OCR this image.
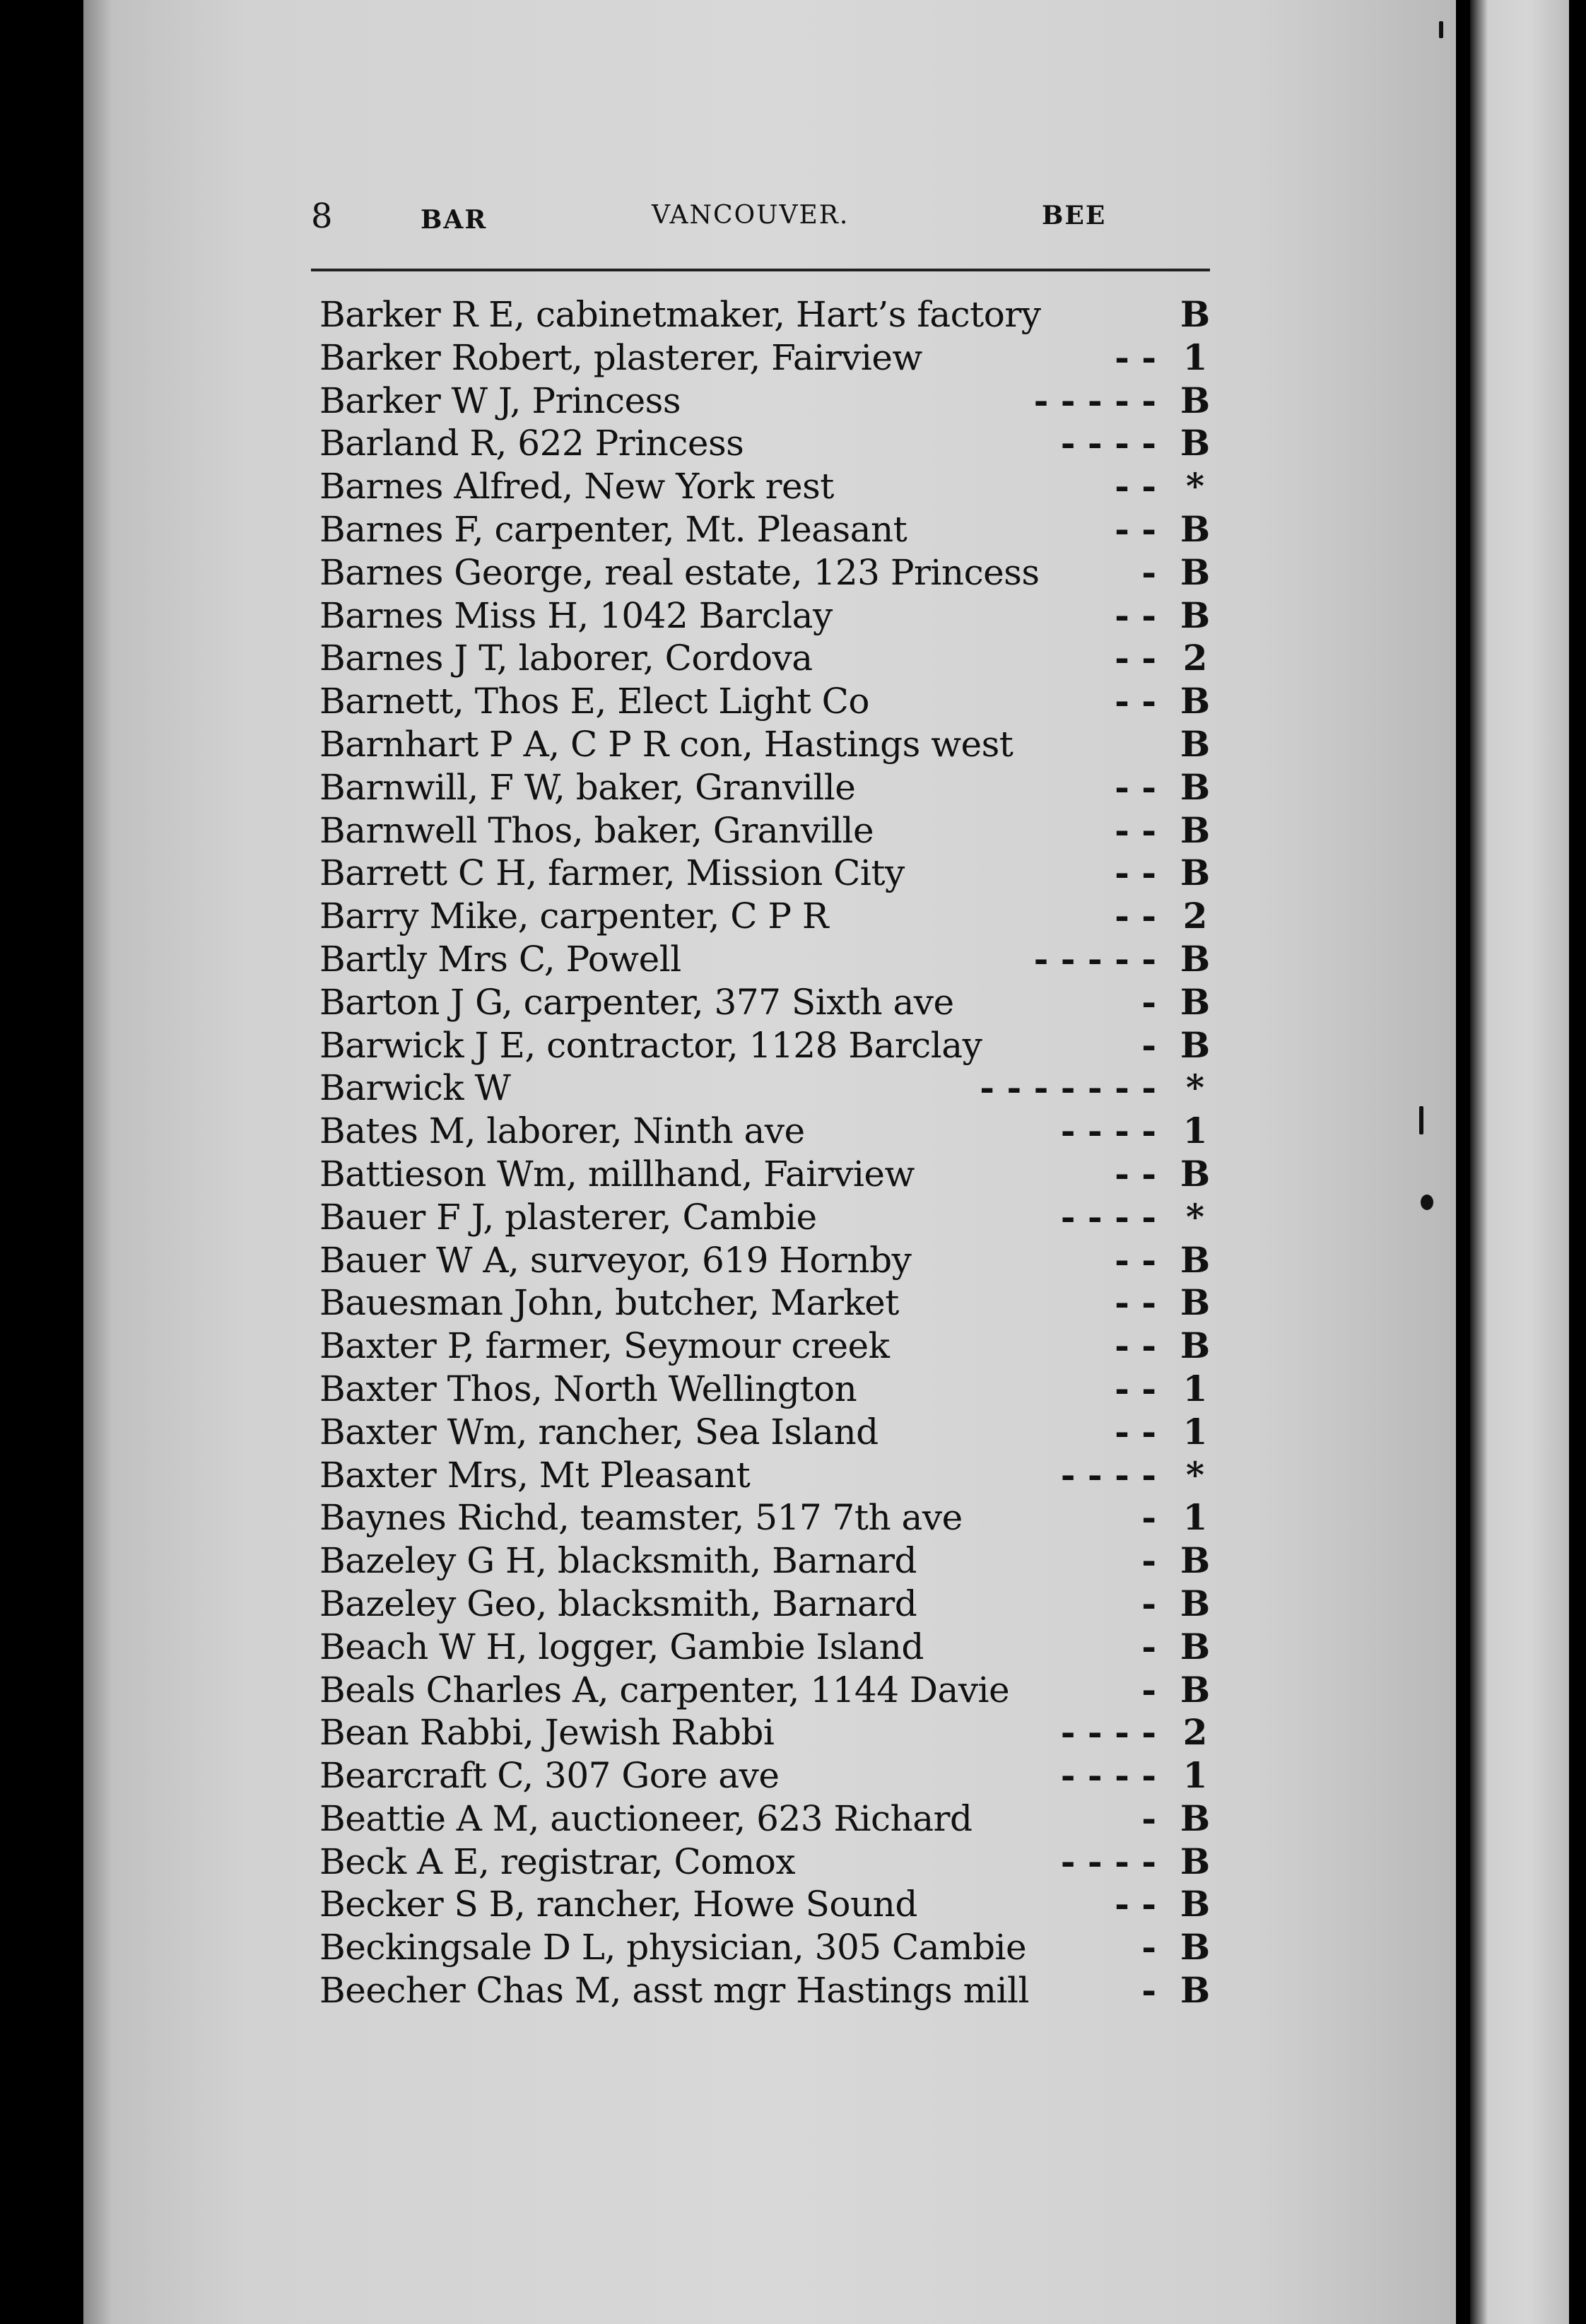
8	BAR	VANCOUVER.	BEE
Barker R E, cabinetmaker, Hart’s factory	B
Barker Robert, plasterer, Fairview	- - 1
Barker W J, Princess	- - - - - B
Barland R, 622 Princess	- - - - B
Barnes Alfred, New York rest	- - *
Barnes F, carpenter, Mt. Pleasant	- - B
Barnes George, real estate, 123 Princess	- B
Barnes Miss H, 1042 Barclay	- - B
Barnes J T, laborer, Cordova	- - 2
Barnett, Thos E, Elect Light Co	- - B
Barnhart P A, C P R con, Hastings west	B
Barnwill, F W, baker, Granville	- - B
Barnwell Thos, baker, Granville	- - B
Barrett C H, farmer, Mission City	- - B
Barry Mike, carpenter, C P R	- - 2
Bartly Mrs C, Powell	- - - - - B
Barton J G, carpenter, 377 Sixth ave	- B
Barwick J E, contractor, 1128 Barclay	- B
Barwick W	- - - - - - - *
Bates M, laborer, Ninth ave	- - - - 1
Battieson Wm, millhand, Fairview	- - B
Bauer F J, plasterer, Cambie	- - - - *
Bauer W A, surveyor, 619 Hornby	- - B
Bauesman John, butcher, Market	- - B
Baxter P, farmer, Seymour creek	- - B
Baxter Thos, North Wellington	- - 1
Baxter Wm, rancher, Sea Island	- - 1
Baxter Mrs, Mt Pleasant	- - - - *
Baynes Richd, teamster, 517 7th ave	- 1
Bazeley G H, blacksmith, Barnard	- B
Bazeley Geo, blacksmith, Barnard	- B
Beach W H, logger, Gambie Island	- B
Beals Charles A, carpenter, 1144 Davie	- B
Bean Rabbi, Jewish Rabbi	- - - - 2
Bearcraft C, 307 Gore ave	- - - - 1
Beattie A M, auctioneer, 623 Richard	- B
Beck A E, registrar, Comox	- - - - B
Becker S B, rancher, Howe Sound	- - B
Beckingsale D L, physician, 305 Cambie	- B
Beecher Chas M, asst mgr Hastings mill	- B
